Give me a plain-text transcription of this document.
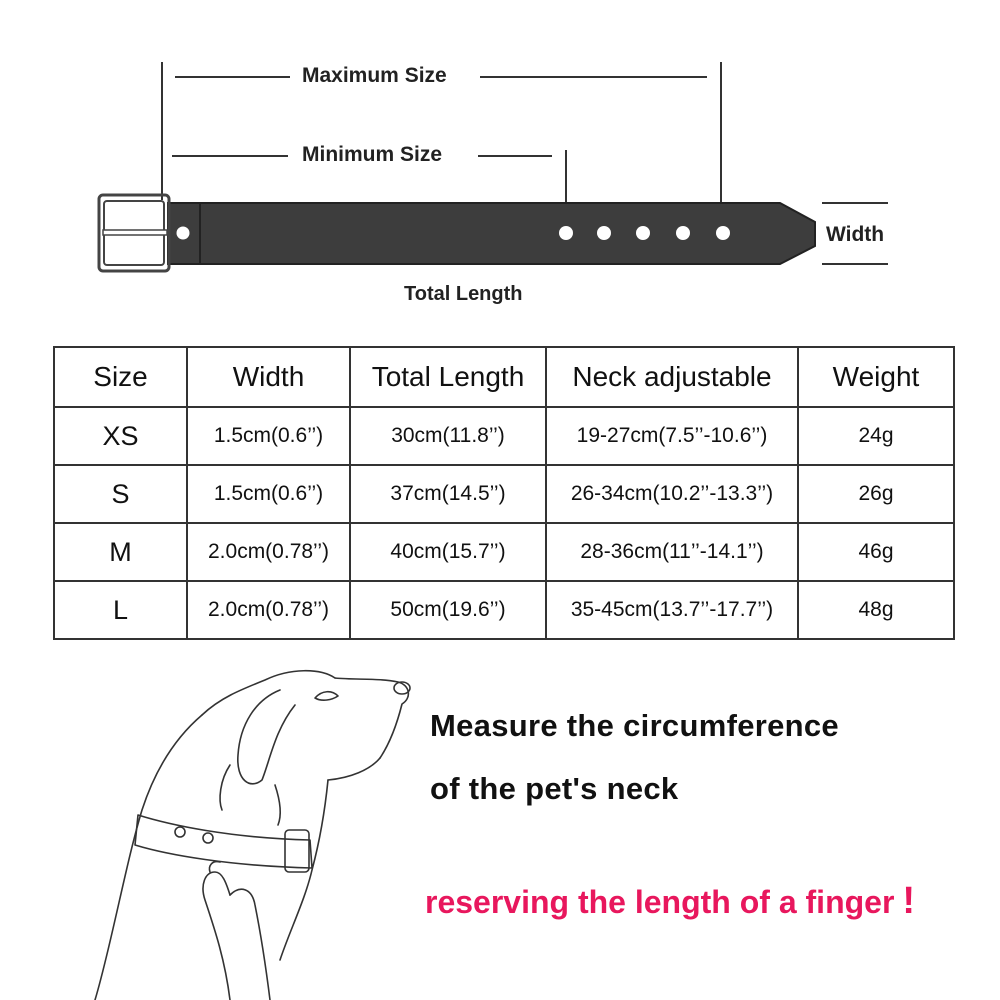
Maximum Size
Minimum Size
Width
Total Length
Size	Width	Total Length	Neck adjustable	Weight
XS	1.5cm(0.6’’)	30cm(11.8’’)	19-27cm(7.5’’-10.6’’)	24g
S	1.5cm(0.6’’)	37cm(14.5’’)	26-34cm(10.2’’-13.3’’)	26g
M	2.0cm(0.78’’)	40cm(15.7’’)	28-36cm(11’’-14.1’’)	46g
L	2.0cm(0.78’’)	50cm(19.6’’)	35-45cm(13.7’’-17.7’’)	48g
Measure the circumference
of the pet's neck
reserving the length of a finger !
